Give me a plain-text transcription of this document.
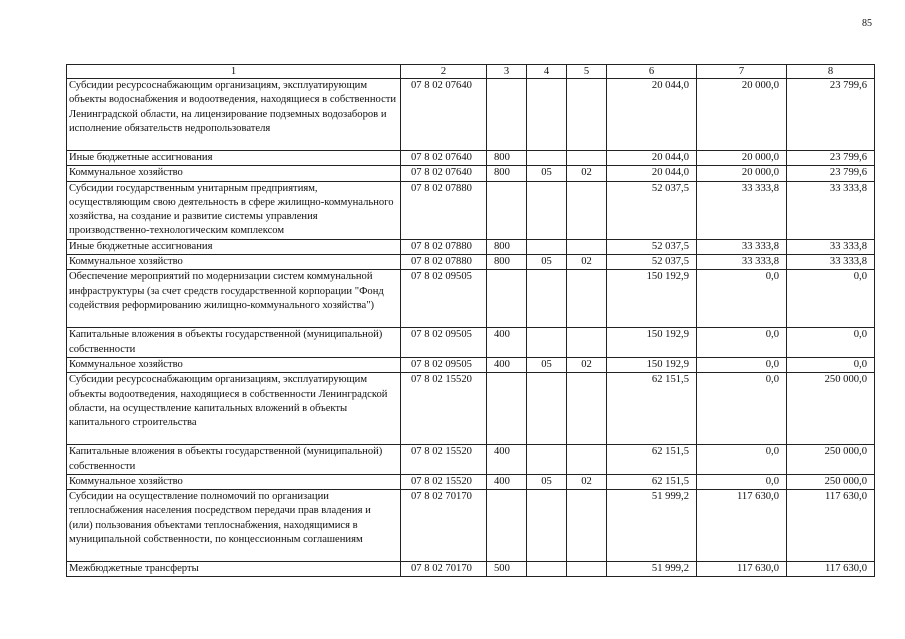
85
1	2	3	4	5	6	7	8
Субсидии ресурсоснабжающим организациям, эксплуатирующим объекты водоснабжения и водоотведения, находящиеся в собственности Ленинградской области, на лицензирование подземных водозаборов и исполнение обязательств недропользователя	07 8 02 07640				20 044,0	20 000,0	23 799,6
Иные бюджетные ассигнования	07 8 02 07640	800			20 044,0	20 000,0	23 799,6
Коммунальное хозяйство	07 8 02 07640	800	05	02	20 044,0	20 000,0	23 799,6
Субсидии государственным унитарным предприятиям, осуществляющим свою деятельность в сфере жилищно-коммунального хозяйства, на создание и развитие системы управления производственно-технологическим комплексом	07 8 02 07880				52 037,5	33 333,8	33 333,8
Иные бюджетные ассигнования	07 8 02 07880	800			52 037,5	33 333,8	33 333,8
Коммунальное хозяйство	07 8 02 07880	800	05	02	52 037,5	33 333,8	33 333,8
Обеспечение мероприятий по модернизации систем коммунальной инфраструктуры (за счет средств государственной корпорации "Фонд содействия реформированию жилищно-коммунального хозяйства")	07 8 02 09505				150 192,9	0,0	0,0
Капитальные вложения в объекты государственной (муниципальной) собственности	07 8 02 09505	400			150 192,9	0,0	0,0
Коммунальное хозяйство	07 8 02 09505	400	05	02	150 192,9	0,0	0,0
Субсидии ресурсоснабжающим организациям, эксплуатирующим объекты водоотведения, находящиеся в собственности Ленинградской области, на осуществление капитальных вложений в объекты капитального строительства	07 8 02 15520				62 151,5	0,0	250 000,0
Капитальные вложения в объекты государственной (муниципальной) собственности	07 8 02 15520	400			62 151,5	0,0	250 000,0
Коммунальное хозяйство	07 8 02 15520	400	05	02	62 151,5	0,0	250 000,0
Субсидии на осуществление полномочий по организации теплоснабжения населения посредством передачи прав владения и (или) пользования объектами теплоснабжения, находящимися в муниципальной собственности, по концессионным соглашениям	07 8 02 70170				51 999,2	117 630,0	117 630,0
Межбюджетные трансферты	07 8 02 70170	500			51 999,2	117 630,0	117 630,0
